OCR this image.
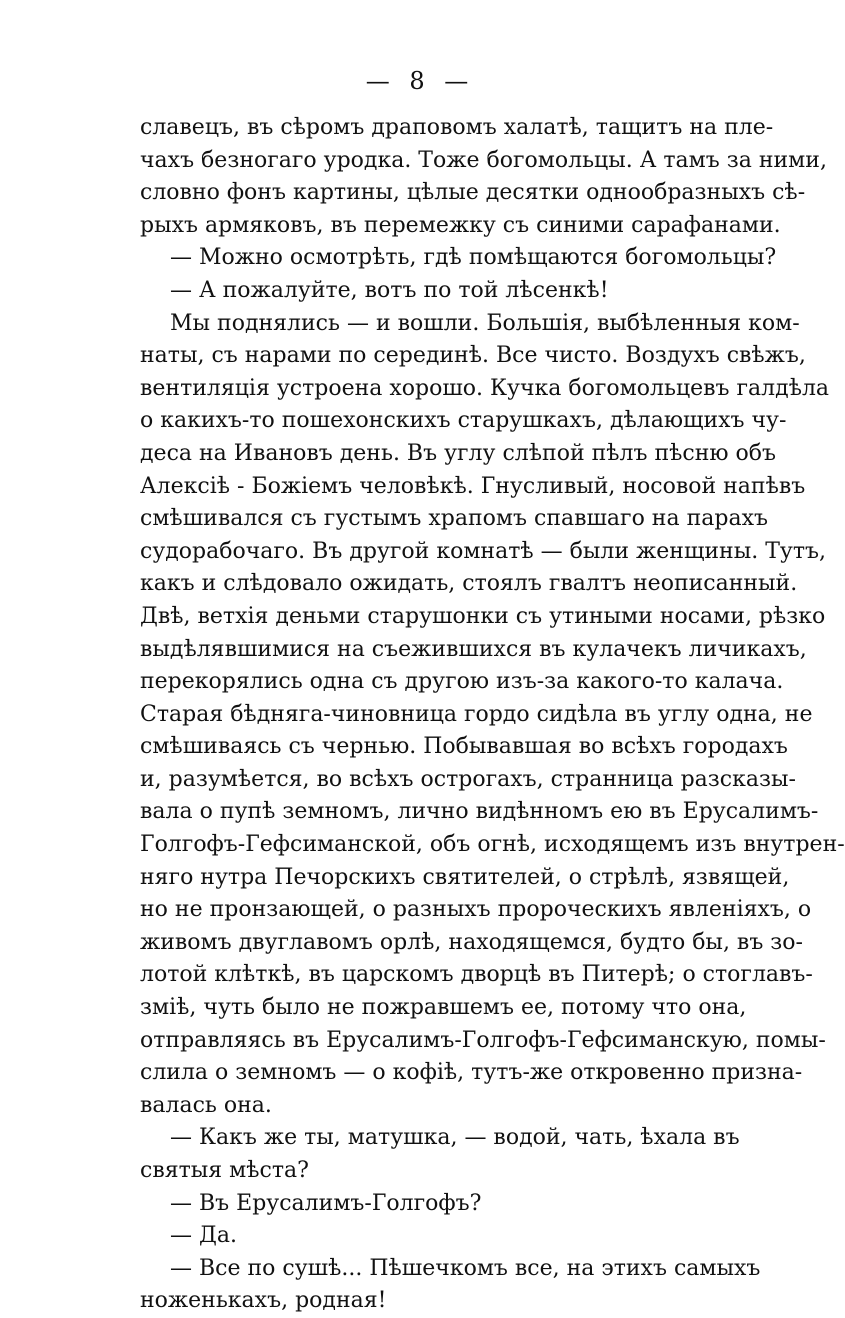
— 8 —
славецъ, въ сѣромъ драповомъ халатѣ, тащитъ на пле-
чахъ безногаго уродка. Тоже богомольцы. А тамъ за ними,
словно фонъ картины, цѣлые десятки однообразныхъ сѣ-
рыхъ армяковъ, въ перемежку съ синими сарафанами.
— Можно осмотрѣть, гдѣ помѣщаются богомольцы?
— А пожалуйте, вотъ по той лѣсенкѣ!
Мы поднялись — и вошли. Большія, выбѣленныя ком-
наты, съ нарами по серединѣ. Все чисто. Воздухъ свѣжъ,
вентиляція устроена хорошо. Кучка богомольцевъ галдѣла
о какихъ-то пошехонскихъ старушкахъ, дѣлающихъ чу-
деса на Ивановъ день. Въ углу слѣпой пѣлъ пѣсню объ
Алексіѣ - Божіемъ человѣкѣ. Гнусливый, носовой напѣвъ
смѣшивался съ густымъ храпомъ спавшаго на парахъ
судорабочаго. Въ другой комнатѣ — были женщины. Тутъ,
какъ и слѣдовало ожидать, стоялъ гвалтъ неописанный.
Двѣ, ветхія деньми старушонки съ утиными носами, рѣзко
выдѣлявшимися на съежившихся въ кулачекъ личикахъ,
перекорялись одна съ другою изъ-за какого-то калача.
Старая бѣдняга-чиновница гордо сидѣла въ углу одна, не
смѣшиваясь съ чернью. Побывавшая во всѣхъ городахъ
и, разумѣется, во всѣхъ острогахъ, странница разсказы-
вала о пупѣ земномъ, лично видѣнномъ ею въ Ерусалимъ-
Голгофъ-Гефсиманской, объ огнѣ, исходящемъ изъ внутрен-
няго нутра Печорскихъ святителей, о стрѣлѣ, язвящей,
но не пронзающей, о разныхъ пророческихъ явленіяхъ, о
живомъ двуглавомъ орлѣ, находящемся, будто бы, въ зо-
лотой клѣткѣ, въ царскомъ дворцѣ въ Питерѣ; о стоглавъ-
зміѣ, чуть было не пожравшемъ ее, потому что она,
отправляясь въ Ерусалимъ-Голгофъ-Гефсиманскую, помы-
слила о земномъ — о кофіѣ, тутъ-же откровенно призна-
валась она.
— Какъ же ты, матушка, — водой, чать, ѣхала въ
святыя мѣста?
— Въ Ерусалимъ-Голгофъ?
— Да.
— Все по сушѣ... Пѣшечкомъ все, на этихъ самыхъ
ноженькахъ, родная!
